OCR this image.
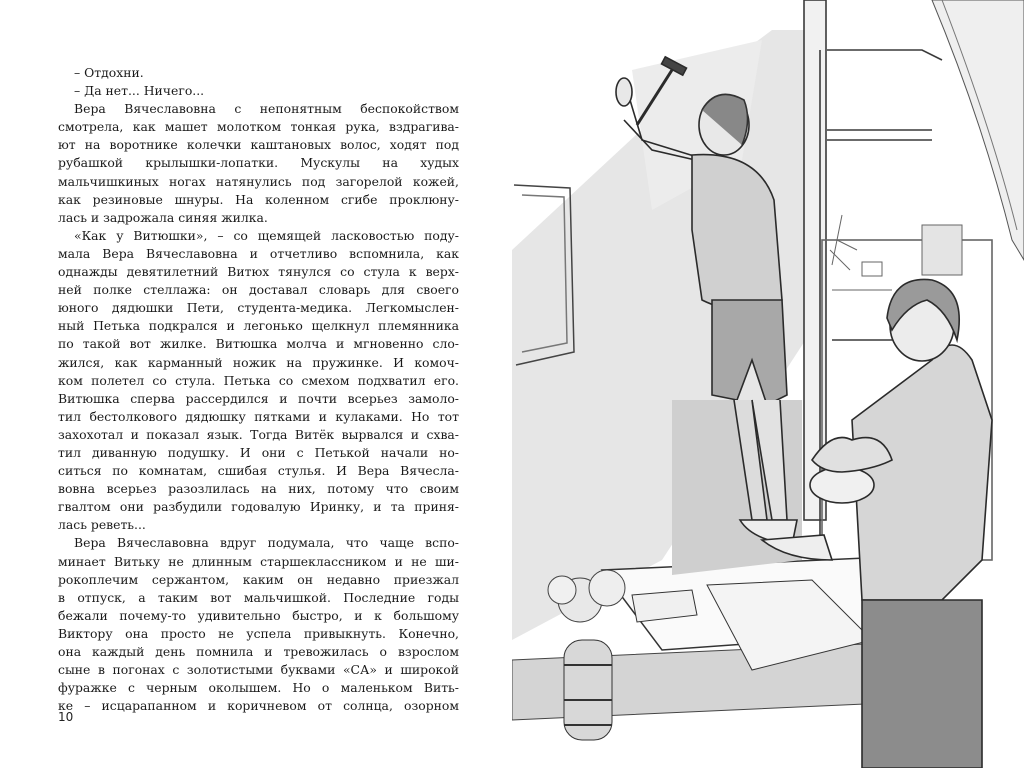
– Отдохни.
– Да нет... Ничего...
Вера Вячеславовна с непонятным беспокойством
смотрела, как машет молотком тонкая рука, вздрагива-
ют на воротнике колечки каштановых волос, ходят под
рубашкой крылышки-лопатки. Мускулы на худых
мальчишкиных ногах натянулись под загорелой кожей,
как резиновые шнуры. На коленном сгибе проклюну-
лась и задрожала синяя жилка.
«Как у Витюшки», – со щемящей ласковостью поду-
мала Вера Вячеславовна и отчетливо вспомнила, как
однажды девятилетний Витюх тянулся со стула к верх-
ней полке стеллажа: он доставал словарь для своего
юного дядюшки Пети, студента-медика. Легкомыслен-
ный Петька подкрался и легонько щелкнул племянника
по такой вот жилке. Витюшка молча и мгновенно сло-
жился, как карманный ножик на пружинке. И комоч-
ком полетел со стула. Петька со смехом подхватил его.
Витюшка сперва рассердился и почти всерьез замоло-
тил бестолкового дядюшку пятками и кулаками. Но тот
захохотал и показал язык. Тогда Витёк вырвался и схва-
тил диванную подушку. И они с Петькой начали но-
ситься по комнатам, сшибая стулья. И Вера Вячесла-
вовна всерьез разозлилась на них, потому что своим
гвалтом они разбудили годовалую Иринку, и та приня-
лась реветь...
Вера Вячеславовна вдруг подумала, что чаще вспо-
минает Витьку не длинным старшеклассником и не ши-
рокоплечим сержантом, каким он недавно приезжал
в отпуск, а таким вот мальчишкой. Последние годы
бежали почему-то удивительно быстро, и к большому
Виктору она просто не успела привыкнуть. Конечно,
она каждый день помнила и тревожилась о взрослом
сыне в погонах с золотистыми буквами «СА» и широкой
фуражке с черным околышем. Но о маленьком Вить-
ке – исцарапанном и коричневом от солнца, озорном
10
